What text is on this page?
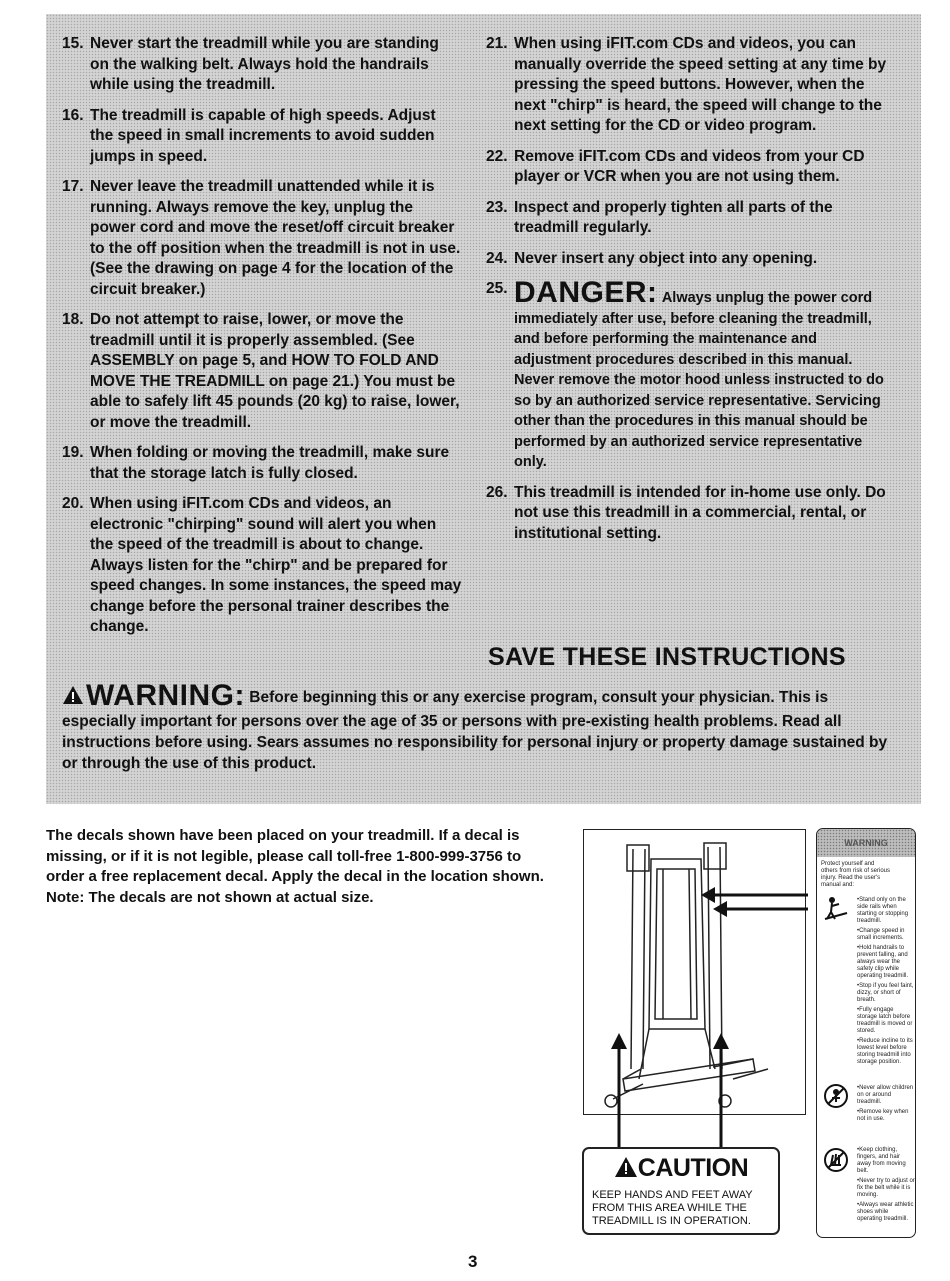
15. Never start the treadmill while you are standing on the walking belt. Always hold the handrails while using the treadmill.
16. The treadmill is capable of high speeds. Adjust the speed in small increments to avoid sudden jumps in speed.
17. Never leave the treadmill unattended while it is running. Always remove the key, unplug the power cord and move the reset/off circuit breaker to the off position when the treadmill is not in use. (See the drawing on page 4 for the location of the circuit breaker.)
18. Do not attempt to raise, lower, or move the treadmill until it is properly assembled. (See ASSEMBLY on page 5, and HOW TO FOLD AND MOVE THE TREADMILL on page 21.) You must be able to safely lift 45 pounds (20 kg) to raise, lower, or move the treadmill.
19. When folding or moving the treadmill, make sure that the storage latch is fully closed.
20. When using iFIT.com CDs and videos, an electronic "chirping" sound will alert you when the speed of the treadmill is about to change. Always listen for the "chirp" and be prepared for speed changes. In some instances, the speed may change before the personal trainer describes the change.
21. When using iFIT.com CDs and videos, you can manually override the speed setting at any time by pressing the speed buttons. However, when the next "chirp" is heard, the speed will change to the next setting for the CD or video program.
22. Remove iFIT.com CDs and videos from your CD player or VCR when you are not using them.
23. Inspect and properly tighten all parts of the treadmill regularly.
24. Never insert any object into any opening.
25. DANGER: Always unplug the power cord immediately after use, before cleaning the treadmill, and before performing the maintenance and adjustment procedures described in this manual. Never remove the motor hood unless instructed to do so by an authorized service representative. Servicing other than the procedures in this manual should be performed by an authorized service representative only.
26. This treadmill is intended for in-home use only. Do not use this treadmill in a commercial, rental, or institutional setting.
SAVE THESE INSTRUCTIONS
WARNING: Before beginning this or any exercise program, consult your physician. This is especially important for persons over the age of 35 or persons with pre-existing health problems. Read all instructions before using. Sears assumes no responsibility for personal injury or property damage sustained by or through the use of this product.
The decals shown have been placed on your treadmill. If a decal is missing, or if it is not legible, please call toll-free 1-800-999-3756 to order a free replacement decal. Apply the decal in the location shown. Note: The decals are not shown at actual size.
CAUTION
KEEP HANDS AND FEET AWAY FROM THIS AREA WHILE THE TREADMILL IS IN OPERATION.
WARNING
Protect yourself and others from risk of serious injury. Read the user's manual and:
•Stand only on the side rails when starting or stopping treadmill.
•Change speed in small increments.
•Hold handrails to prevent falling, and always wear the safety clip while operating treadmill.
•Stop if you feel faint, dizzy, or short of breath.
•Fully engage storage latch before treadmill is moved or stored.
•Reduce incline to its lowest level before storing treadmill into storage position.
•Never allow children on or around treadmill.
•Remove key when not in use.
•Keep clothing, fingers, and hair away from moving belt.
•Never try to adjust or fix the belt while it is moving.
•Always wear athletic shoes while operating treadmill.
3
